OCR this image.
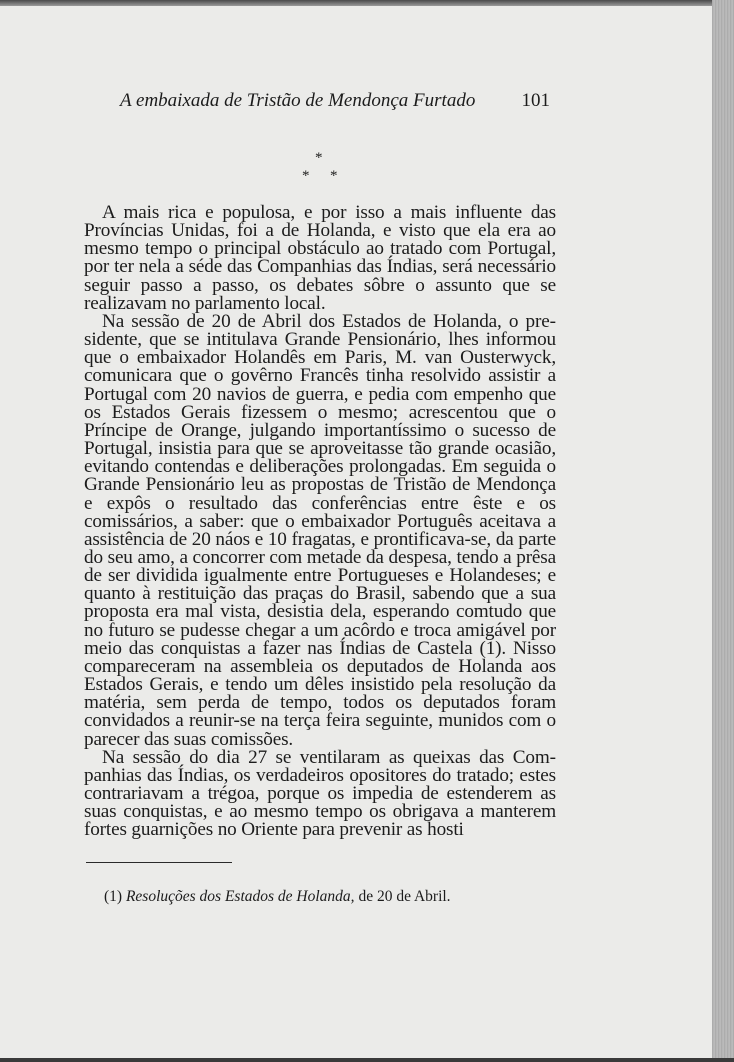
A embaixada de Tristão de Mendonça Furtado 101
*
* *

A mais rica e populosa, e por isso a mais influente das Províncias Unidas, foi a de Holanda, e visto que ela era ao mesmo tempo o principal obstáculo ao tratado com Portugal, por ter nela a séde das Companhias das Índias, será necessário seguir passo a passo, os debates sôbre o assunto que se realizavam no parlamento local.

Na sessão de 20 de Abril dos Estados de Holanda, o presidente, que se intitulava Grande Pensionário, lhes informou que o embaixador Holandês em Paris, M. van Ousterwyck, comunicara que o govêrno Francês tinha resolvido assistir a Portugal com 20 navios de guerra, e pedia com empenho que os Estados Gerais fizessem o mesmo; acrescentou que o Príncipe de Orange, julgando importantíssimo o sucesso de Portugal, insistia para que se aproveitasse tão grande ocasião, evitando contendas e deliberações prolongadas. Em seguida o Grande Pensionário leu as propostas de Tristão de Mendonça e expôs o resultado das conferências entre êste e os comissários, a saber: que o embaixador Português aceitava a assistência de 20 náos e 10 fragatas, e prontificava-se, da parte do seu amo, a concorrer com metade da despesa, tendo a prêsa de ser dividida igualmente entre Portugueses e Holandeses; e quanto à restituição das praças do Brasil, sabendo que a sua proposta era mal vista, desistia dela, esperando comtudo que no futuro se pudesse chegar a um acôrdo e troca amigável por meio das conquistas a fazer nas Índias de Castela (1). Nisso compareceram na assembleia os deputados de Holanda aos Estados Gerais, e tendo um dêles insistido pela resolução da matéria, sem perda de tempo, todos os deputados foram convidados a reunir-se na terça feira seguinte, munidos com o parecer das suas comissões.

Na sessão do dia 27 se ventilaram as queixas das Companhias das Índias, os verdadeiros opositores do tratado; estes contrariavam a trégoa, porque os impedia de estenderem as suas conquistas, e ao mesmo tempo os obrigava a manterem fortes guarnições no Oriente para prevenir as hosti

(1) Resoluções dos Estados de Holanda, de 20 de Abril.
